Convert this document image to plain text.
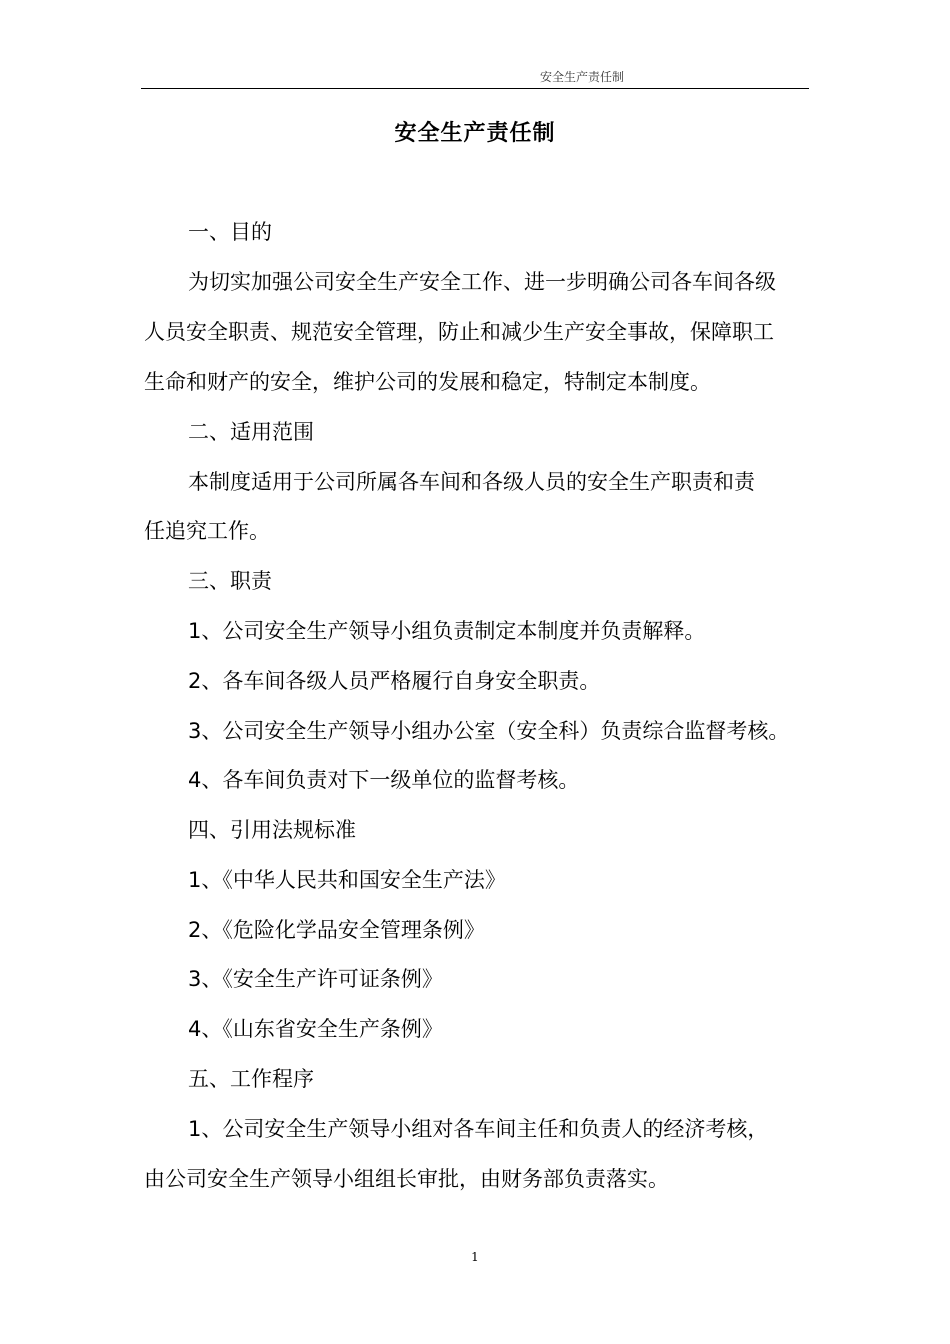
安全生产责任制
安全生产责任制
一、目的
为切实加强公司安全生产安全工作、进一步明确公司各车间各级
人员安全职责、规范安全管理，防止和减少生产安全事故，保障职工
生命和财产的安全，维护公司的发展和稳定，特制定本制度。
二、适用范围
本制度适用于公司所属各车间和各级人员的安全生产职责和责
任追究工作。
三、职责
1、公司安全生产领导小组负责制定本制度并负责解释。
2、各车间各级人员严格履行自身安全职责。
3、公司安全生产领导小组办公室（安全科）负责综合监督考核。
4、各车间负责对下一级单位的监督考核。
四、引用法规标准
1、《中华人民共和国安全生产法》
2、《危险化学品安全管理条例》
3、《安全生产许可证条例》
4、《山东省安全生产条例》
五、工作程序
1、公司安全生产领导小组对各车间主任和负责人的经济考核，
由公司安全生产领导小组组长审批，由财务部负责落实。
1
